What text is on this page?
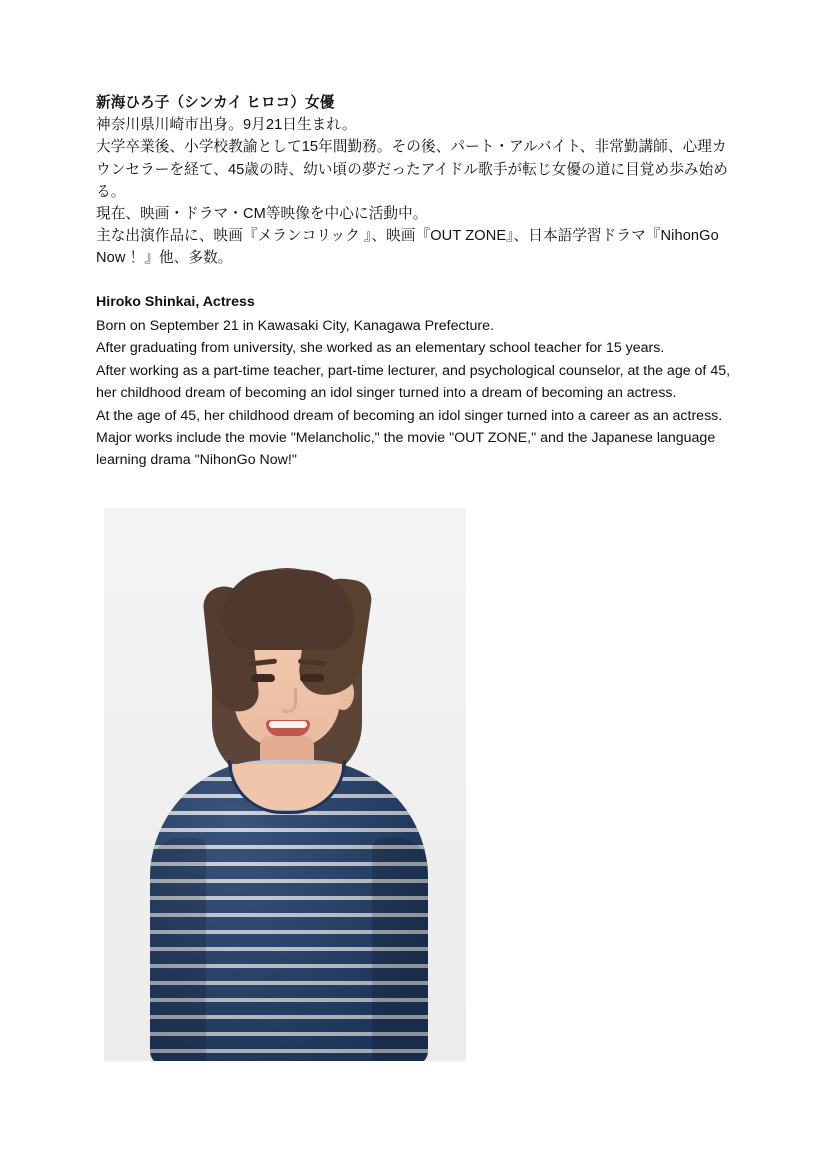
新海ひろ子（シンカイ ヒロコ）女優

神奈川県川崎市出身。9月21日生まれ。

大学卒業後、小学校教諭として15年間勤務。その後、パート・アルバイト、非常勤講師、心理カウンセラーを経て、45歳の時、幼い頃の夢だったアイドル歌手が転じ女優の道に目覚め歩み始める。

現在、映画・ドラマ・CM等映像を中心に活動中。

主な出演作品に、映画『メランコリック 』、映画『OUT ZONE』、日本語学習ドラマ『NihonGo Now ！』他、多数。

Hiroko Shinkai, Actress

Born on September 21 in Kawasaki City, Kanagawa Prefecture.

After graduating from university, she worked as an elementary school teacher for 15 years.

After working as a part-time teacher, part-time lecturer, and psychological counselor, at the age of 45, her childhood dream of becoming an idol singer turned into a dream of becoming an actress.

At the age of 45, her childhood dream of becoming an idol singer turned into a career as an actress.

Major works include the movie "Melancholic," the movie "OUT ZONE," and the Japanese language learning drama "NihonGo Now!"
